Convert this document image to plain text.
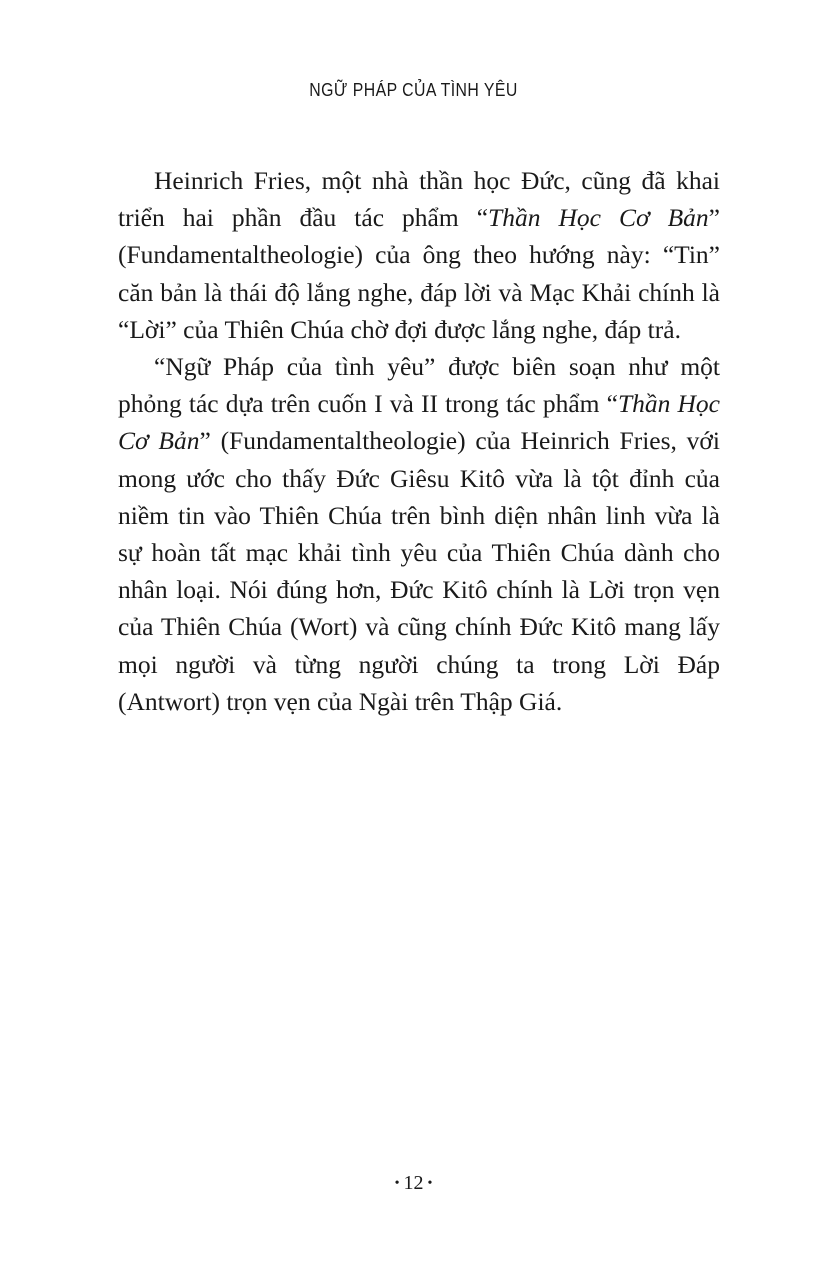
NGỮ PHÁP CỦA TÌNH YÊU

Heinrich Fries, một nhà thần học Đức, cũng đã khai triển hai phần đầu tác phẩm “Thần Học Cơ Bản” (Fundamentaltheologie) của ông theo hướng này: “Tin” căn bản là thái độ lắng nghe, đáp lời và Mạc Khải chính là “Lời” của Thiên Chúa chờ đợi được lắng nghe, đáp trả.

“Ngữ Pháp của tình yêu” được biên soạn như một phỏng tác dựa trên cuốn I và II trong tác phẩm “Thần Học Cơ Bản” (Fundamentaltheologie) của Heinrich Fries, với mong ước cho thấy Đức Giêsu Kitô vừa là tột đỉnh của niềm tin vào Thiên Chúa trên bình diện nhân linh vừa là sự hoàn tất mạc khải tình yêu của Thiên Chúa dành cho nhân loại. Nói đúng hơn, Đức Kitô chính là Lời trọn vẹn của Thiên Chúa (Wort) và cũng chính Đức Kitô mang lấy mọi người và từng người chúng ta trong Lời Đáp (Antwort) trọn vẹn của Ngài trên Thập Giá.

• 12 •
